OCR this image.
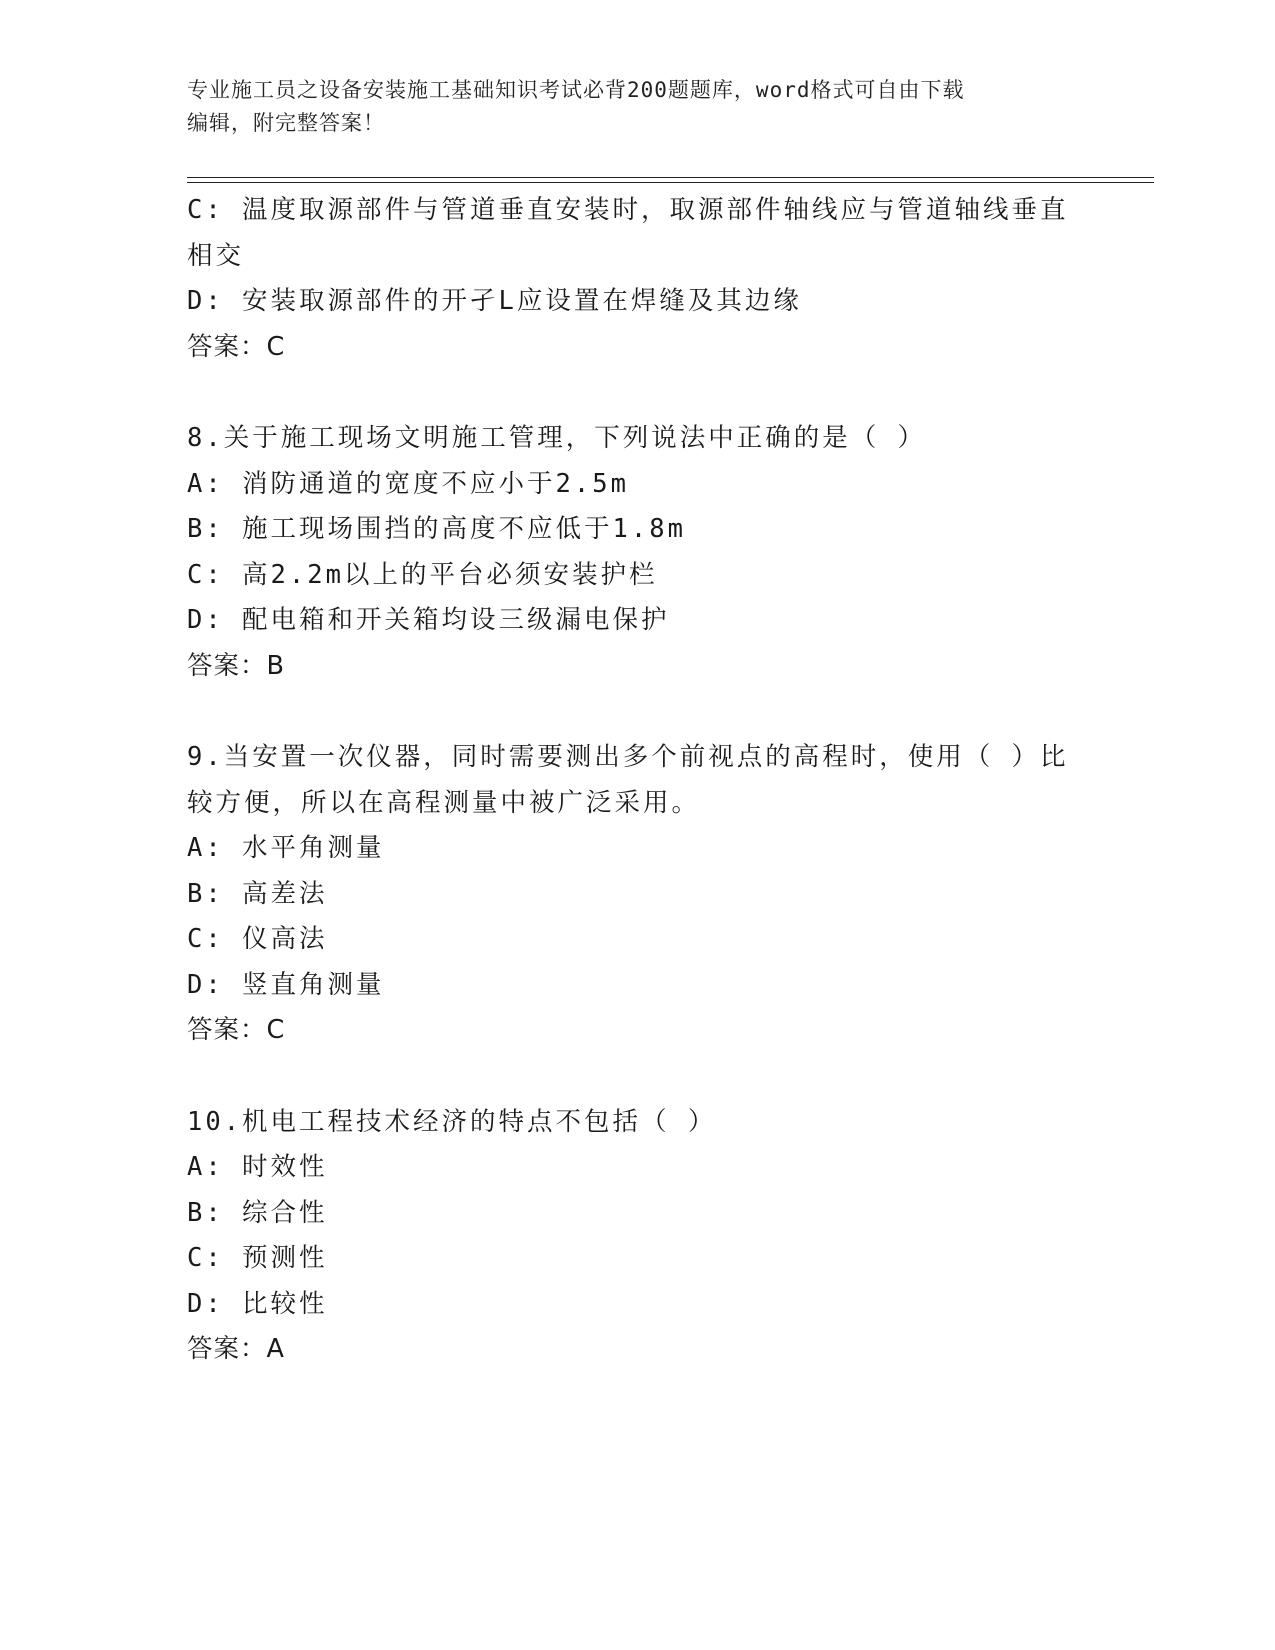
专业施工员之设备安装施工基础知识考试必背200题题库，word格式可自由下载
编辑，附完整答案！
C: 温度取源部件与管道垂直安装时，取源部件轴线应与管道轴线垂直
相交
D: 安装取源部件的开孑L应设置在焊缝及其边缘
答案：C
8.关于施工现场文明施工管理，下列说法中正确的是（ ）
A: 消防通道的宽度不应小于2.5m
B: 施工现场围挡的高度不应低于1.8m
C: 高2.2m以上的平台必须安装护栏
D: 配电箱和开关箱均设三级漏电保护
答案：B
9.当安置一次仪器，同时需要测出多个前视点的高程时，使用（ ）比
较方便，所以在高程测量中被广泛采用。
A: 水平角测量
B: 高差法
C: 仪高法
D: 竖直角测量
答案：C
10.机电工程技术经济的特点不包括（ ）
A: 时效性
B: 综合性
C: 预测性
D: 比较性
答案：A
